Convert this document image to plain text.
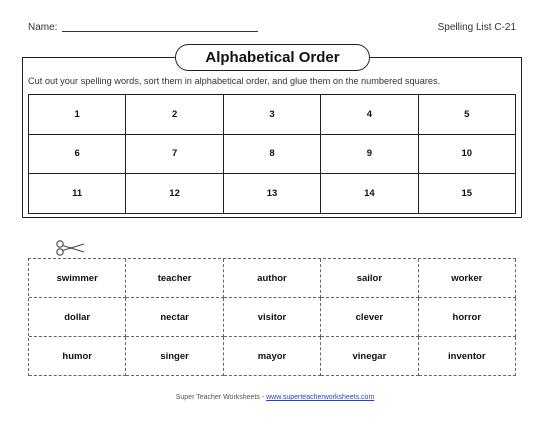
Name:	Spelling List C-21
Alphabetical Order
Cut out your spelling words, sort them in alphabetical order, and glue them on the numbered squares.
1	2	3	4	5
6	7	8	9	10
11	12	13	14	15
swimmer	teacher	author	sailor	worker
dollar	nectar	visitor	clever	horror
humor	singer	mayor	vinegar	inventor
Super Teacher Worksheets - www.superteacherworksheets.com
